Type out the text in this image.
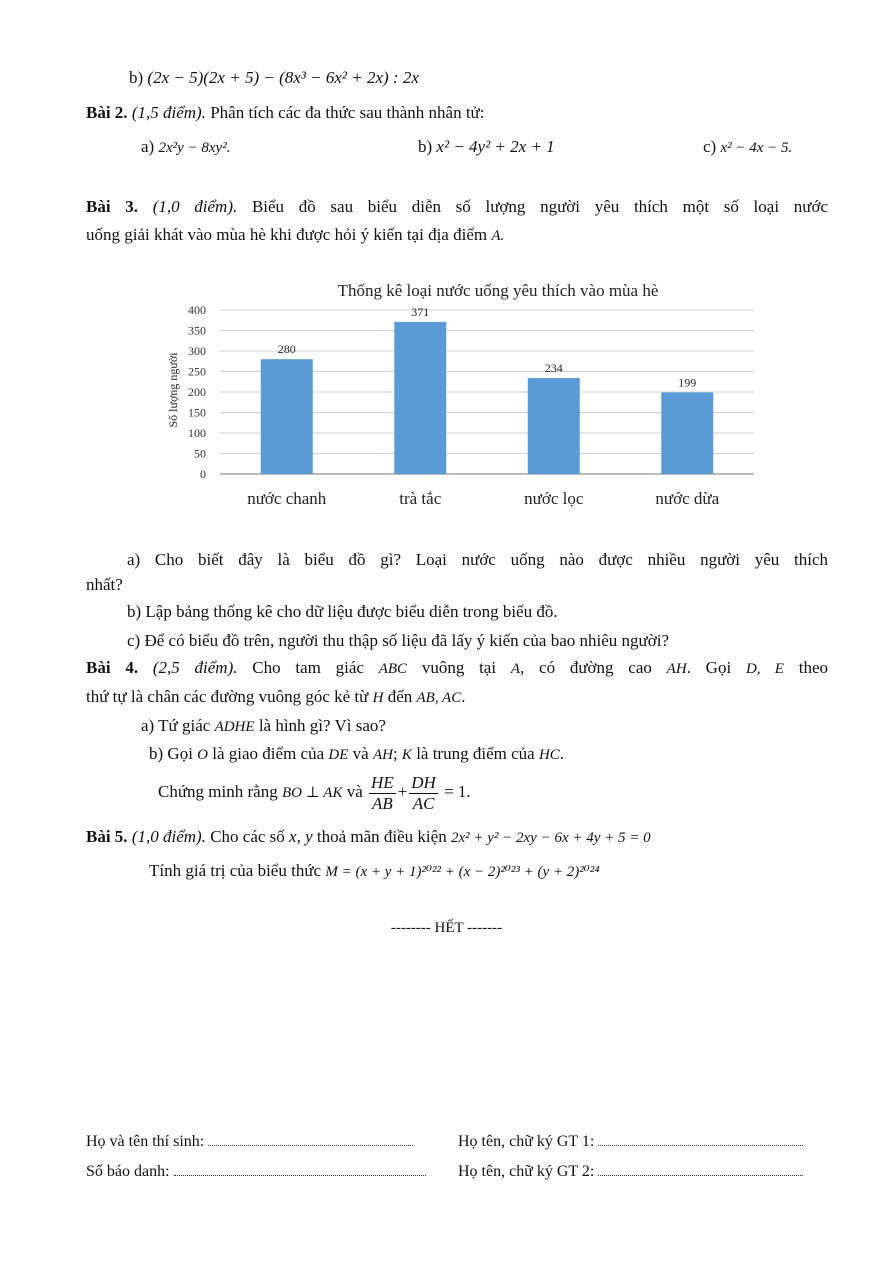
b) (2x − 5)(2x + 5) − (8x³ − 6x² + 2x) : 2x
Bài 2. (1,5 điểm). Phân tích các đa thức sau thành nhân tử:
a) 2x²y − 8xy².	b) x² − 4y² + 2x + 1	c) x² − 4x − 5.
Bài 3. (1,0 điểm). Biểu đồ sau biểu diễn số lượng người yêu thích một số loại nước
uống giải khát vào mùa hè khi được hỏi ý kiến tại địa điểm A.
Thống kê loại nước uống yêu thích vào mùa hè
Số lượng người
0
50
100
150
200
250
300
350
400
280
371
234
199
nước chanh	trà tắc	nước lọc	nước dừa
a) Cho biết đây là biểu đồ gì? Loại nước uống nào được nhiều người yêu thích
nhất?
b) Lập bảng thống kê cho dữ liệu được biểu diễn trong biểu đồ.
c) Để có biểu đồ trên, người thu thập số liệu đã lấy ý kiến của bao nhiêu người?
Bài 4. (2,5 điểm). Cho tam giác ABC vuông tại A, có đường cao AH. Gọi D, E theo
thứ tự là chân các đường vuông góc kẻ từ H đến AB, AC.
a) Tứ giác ADHE là hình gì? Vì sao?
b) Gọi O là giao điểm của DE và AH; K là trung điểm của HC.
Chứng minh rằng BO ⊥ AK và $\frac{HE}{AB} + \frac{DH}{AC} = 1$.
Bài 5. (1,0 điểm). Cho các số x, y thoả mãn điều kiện 2x² + y² − 2xy − 6x + 4y + 5 = 0
Tính giá trị của biểu thức M = (x + y + 1)²⁰²² + (x − 2)²⁰²³ + (y + 2)²⁰²⁴
-------- HẾT -------
Họ và tên thí sinh:	Họ tên, chữ ký GT 1:
Số báo danh:	Họ tên, chữ ký GT 2:
